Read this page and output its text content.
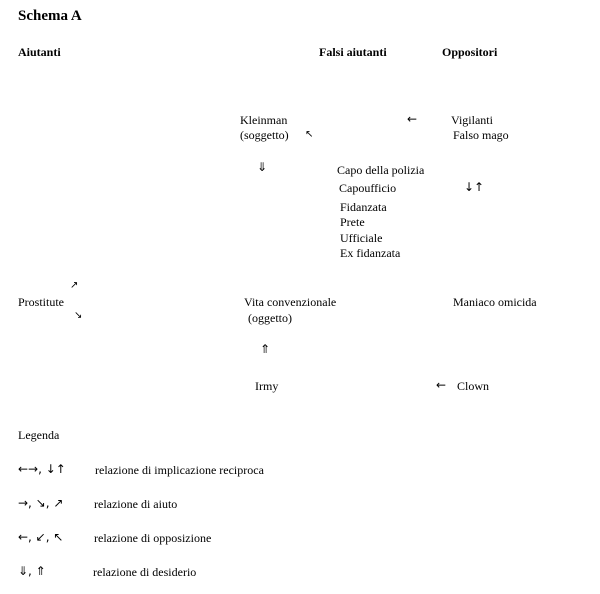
Schema A
Aiutanti	Falsi aiutanti	Oppositori
Kleinman
(soggetto) ↖
←	Vigilanti
Falso mago
⇓	Capo della polizia
Capoufficio
Fidanzata
Prete
Ufficiale
Ex fidanzata
↓↑
↗
Prostitute
↘
Vita convenzionale
(oggetto)
Maniaco omicida
⇑
Irmy	← Clown
Legenda
←→, ↓↑ relazione di implicazione reciproca
→, ↘, ↗	relazione di aiuto
←, ↙, ↖	relazione di opposizione
⇓, ⇑	relazione di desiderio
